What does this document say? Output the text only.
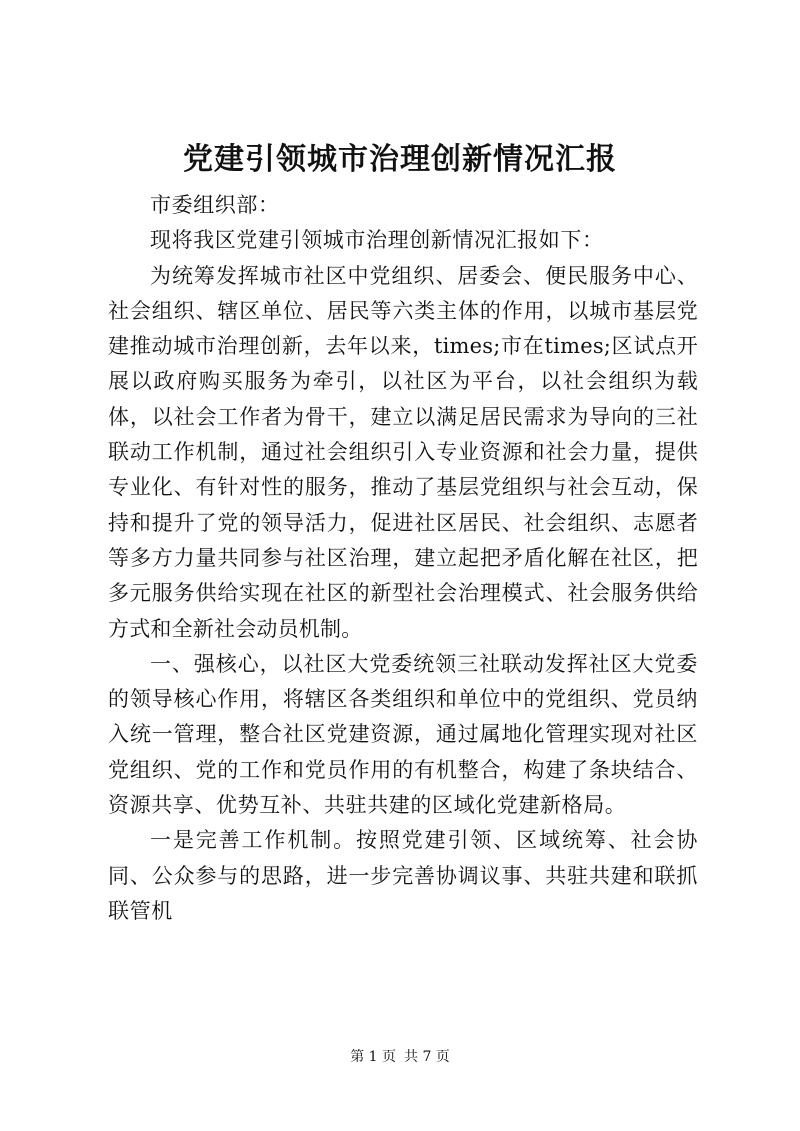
党建引领城市治理创新情况汇报

市委组织部：

现将我区党建引领城市治理创新情况汇报如下：

为统筹发挥城市社区中党组织、居委会、便民服务中心、社会组织、辖区单位、居民等六类主体的作用，以城市基层党建推动城市治理创新，去年以来，times;市在times;区试点开展以政府购买服务为牵引，以社区为平台，以社会组织为载体，以社会工作者为骨干，建立以满足居民需求为导向的三社联动工作机制，通过社会组织引入专业资源和社会力量，提供专业化、有针对性的服务，推动了基层党组织与社会互动，保持和提升了党的领导活力，促进社区居民、社会组织、志愿者等多方力量共同参与社区治理，建立起把矛盾化解在社区，把多元服务供给实现在社区的新型社会治理模式、社会服务供给方式和全新社会动员机制。

一、强核心，以社区大党委统领三社联动发挥社区大党委的领导核心作用，将辖区各类组织和单位中的党组织、党员纳入统一管理，整合社区党建资源，通过属地化管理实现对社区党组织、党的工作和党员作用的有机整合，构建了条块结合、资源共享、优势互补、共驻共建的区域化党建新格局。

一是完善工作机制。按照党建引领、区域统筹、社会协同、公众参与的思路，进一步完善协调议事、共驻共建和联抓联管机

第 1 页 共 7 页
